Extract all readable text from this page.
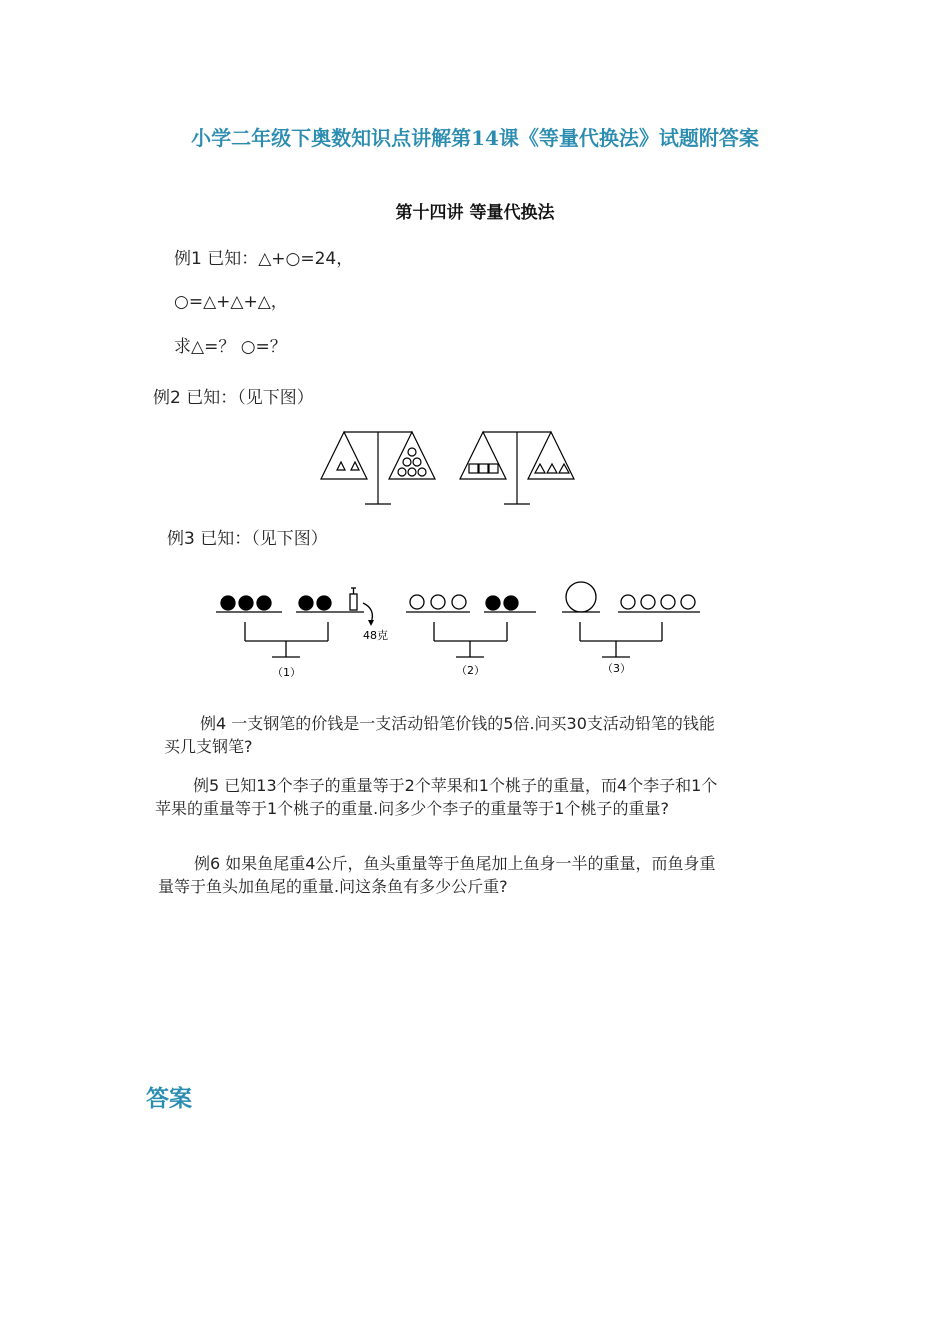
小学二年级下奥数知识点讲解第14课《等量代换法》试题附答案
第十四讲 等量代换法
例1 已知：△+○=24，
○=△+△+△，
求△=？ ○=？
例2 已知：（见下图）
例3 已知：（见下图）
48克
（1）	（2）	（3）
例4 一支钢笔的价钱是一支活动铅笔价钱的5倍.问买30支活动铅笔的钱能
买几支钢笔?
例5 已知13个李子的重量等于2个苹果和1个桃子的重量，而4个李子和1个
苹果的重量等于1个桃子的重量.问多少个李子的重量等于1个桃子的重量?
例6 如果鱼尾重4公斤，鱼头重量等于鱼尾加上鱼身一半的重量，而鱼身重
量等于鱼头加鱼尾的重量.问这条鱼有多少公斤重?
答案
